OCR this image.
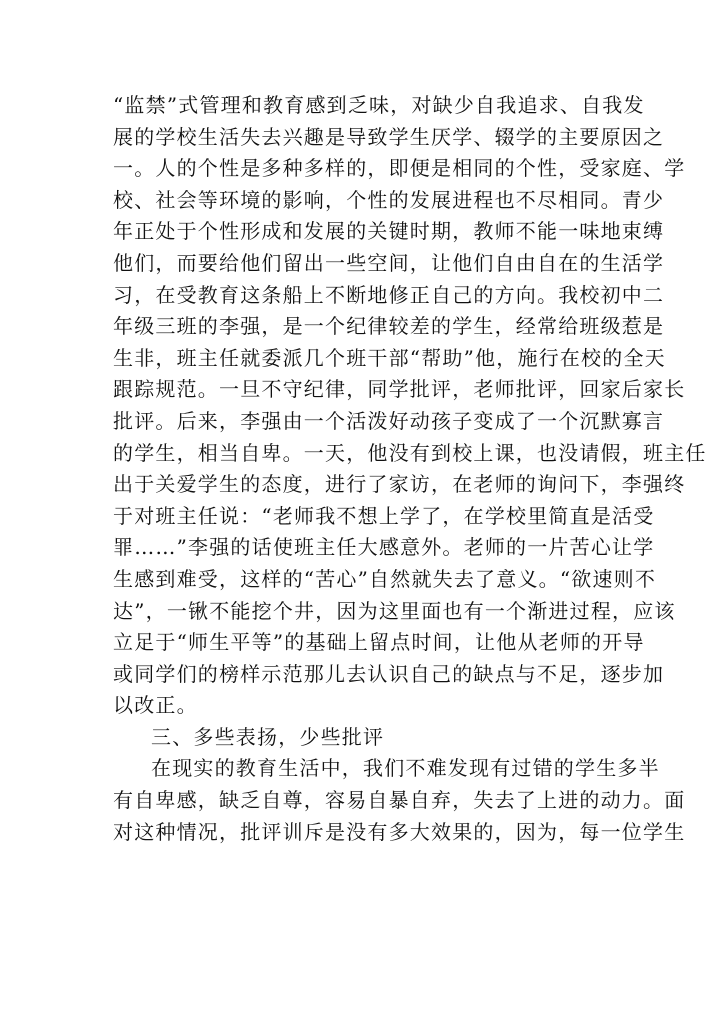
“监禁”式管理和教育感到乏味，对缺少自我追求、自我发
展的学校生活失去兴趣是导致学生厌学、辍学的主要原因之
一。人的个性是多种多样的，即便是相同的个性，受家庭、学
校、社会等环境的影响，个性的发展进程也不尽相同。青少
年正处于个性形成和发展的关键时期，教师不能一味地束缚
他们，而要给他们留出一些空间，让他们自由自在的生活学
习，在受教育这条船上不断地修正自己的方向。我校初中二
年级三班的李强，是一个纪律较差的学生，经常给班级惹是
生非，班主任就委派几个班干部“帮助”他，施行在校的全天
跟踪规范。一旦不守纪律，同学批评，老师批评，回家后家长
批评。后来，李强由一个活泼好动孩子变成了一个沉默寡言
的学生，相当自卑。一天，他没有到校上课，也没请假，班主任
出于关爱学生的态度，进行了家访，在老师的询问下，李强终
于对班主任说：“老师我不想上学了，在学校里简直是活受
罪……”李强的话使班主任大感意外。老师的一片苦心让学
生感到难受，这样的“苦心”自然就失去了意义。“欲速则不
达”，一锹不能挖个井，因为这里面也有一个渐进过程，应该
立足于“师生平等”的基础上留点时间，让他从老师的开导
或同学们的榜样示范那儿去认识自己的缺点与不足，逐步加
以改正。
三、多些表扬，少些批评
在现实的教育生活中，我们不难发现有过错的学生多半
有自卑感，缺乏自尊，容易自暴自弃，失去了上进的动力。面
对这种情况，批评训斥是没有多大效果的，因为，每一位学生
